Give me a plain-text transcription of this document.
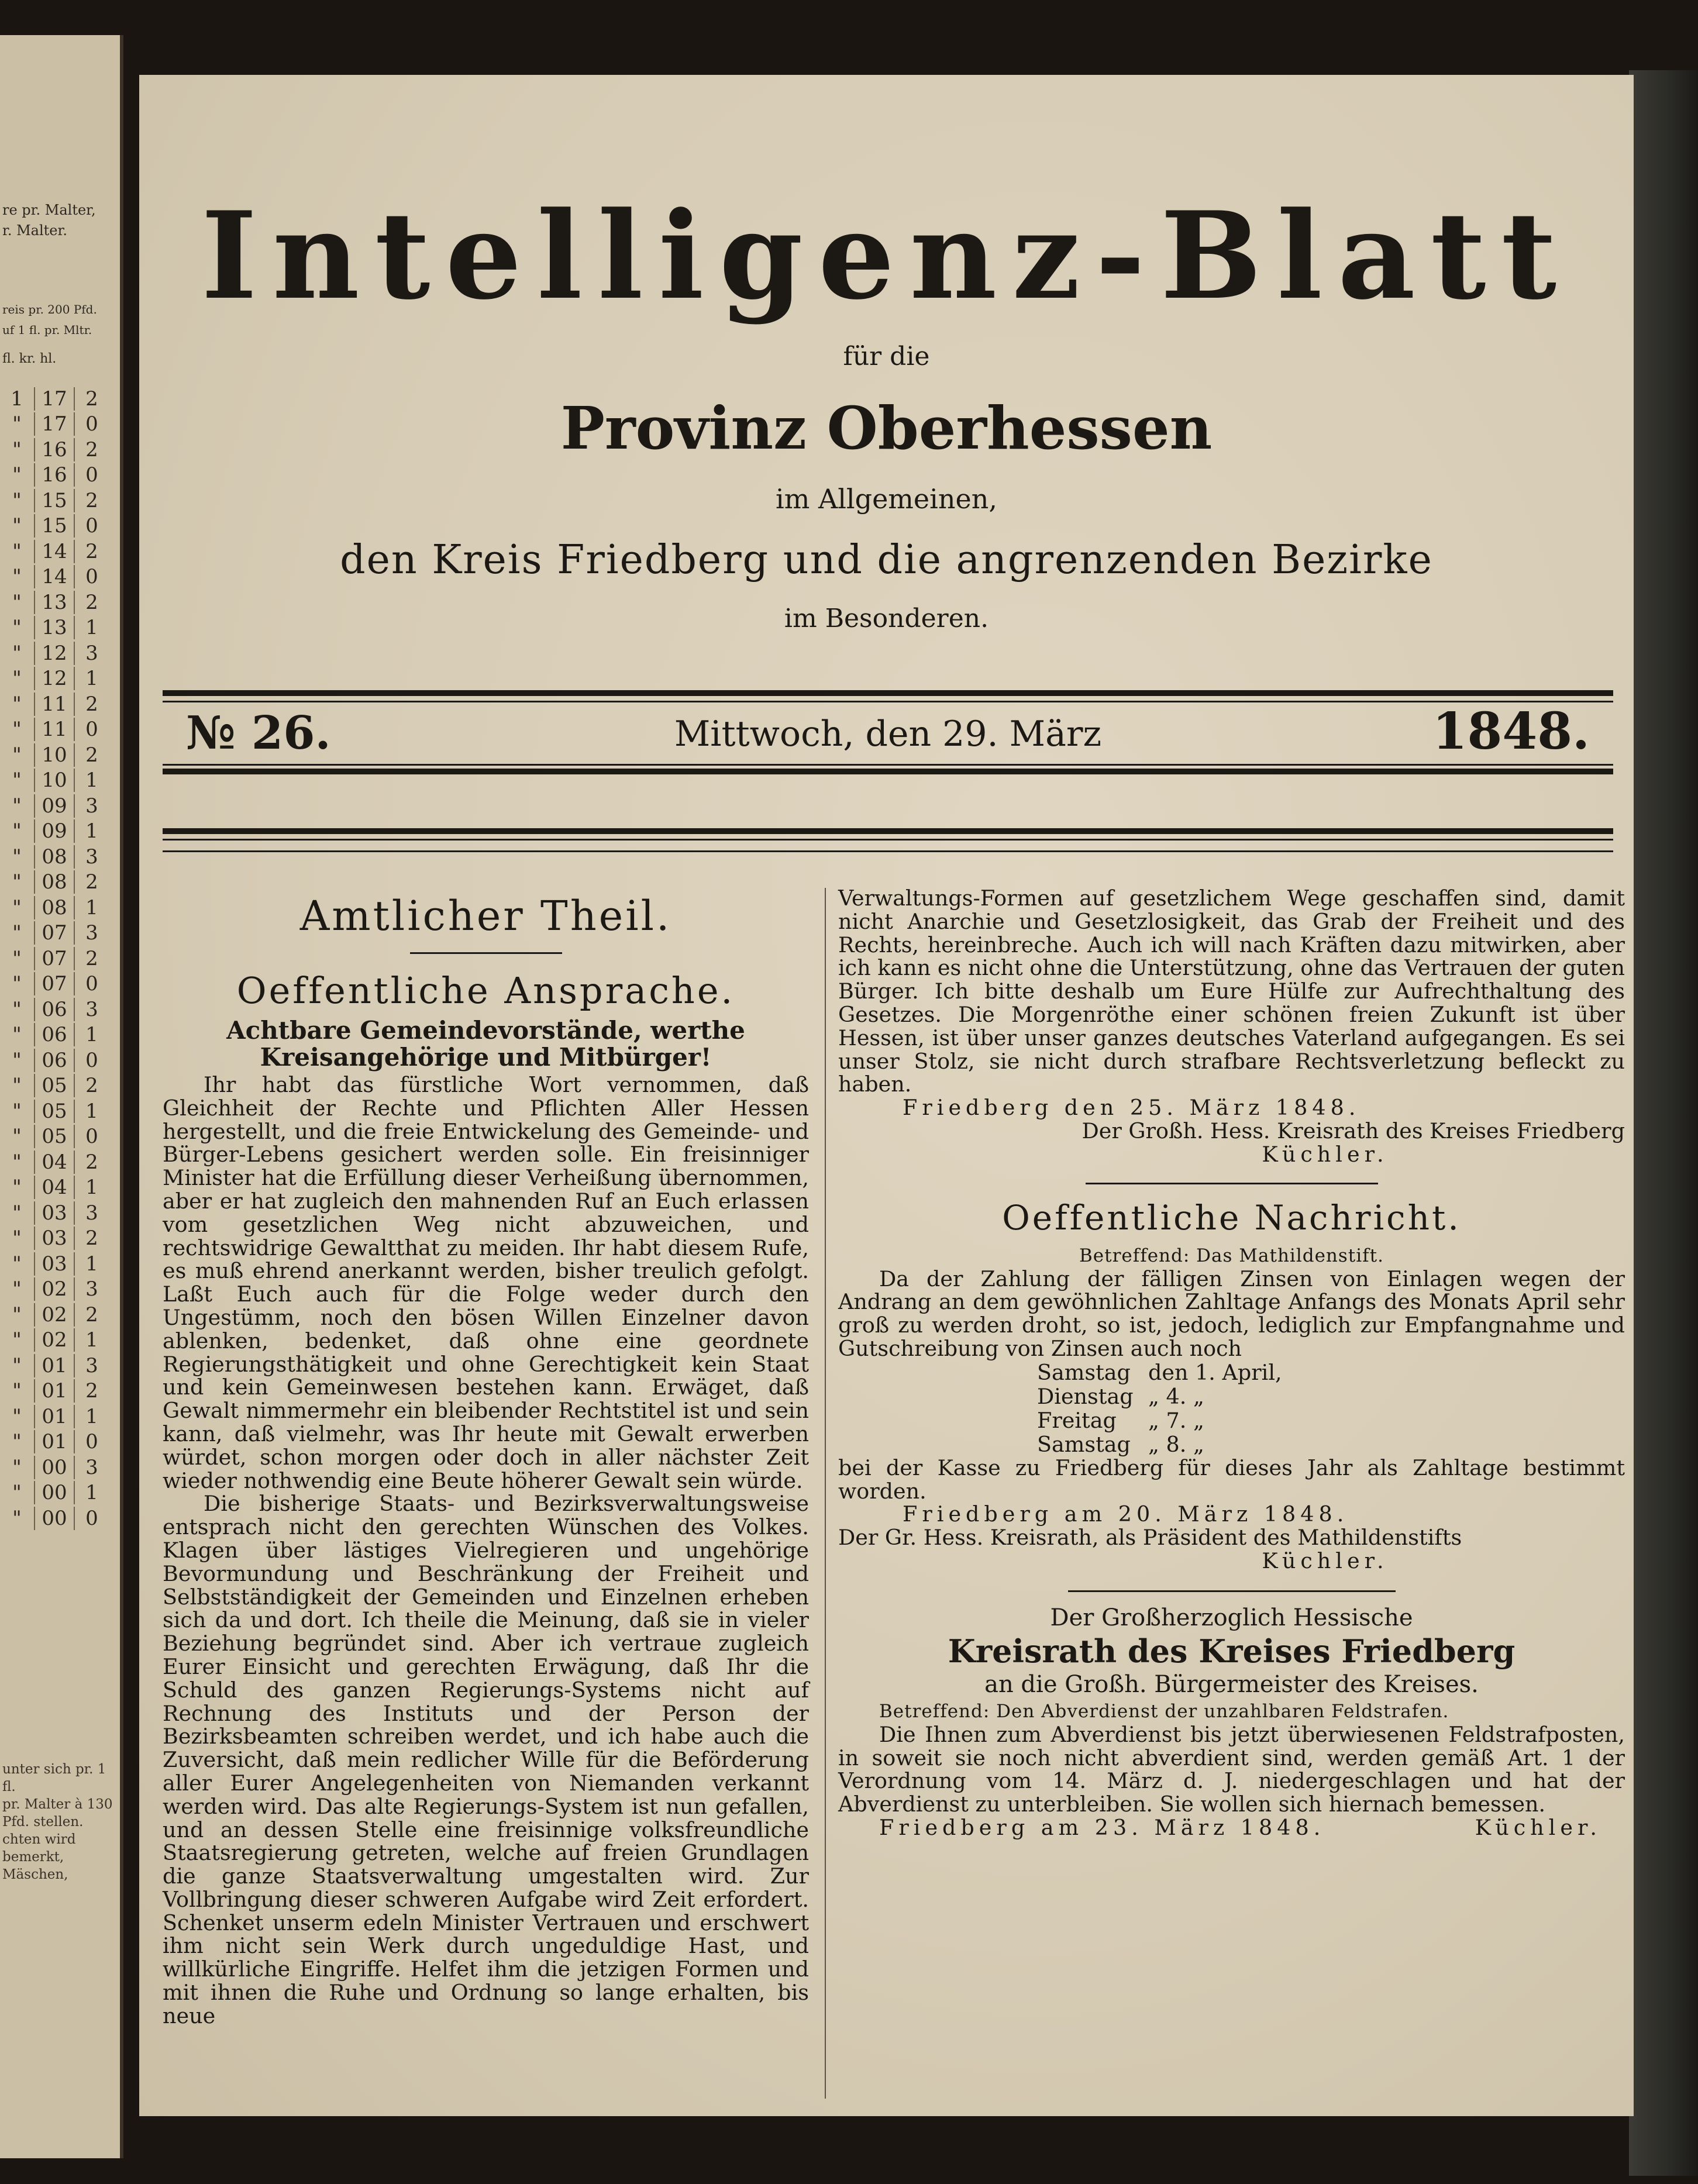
re pr. Malter,
r. Malter.
reis pr. 200 Pfd.
uf 1 fl. pr. Mltr.
fl. kr. hl.
1 17 2
"	17 0
"	16 2
"	16 0
"	15 2
"	15 0
"	14 2
"	14 0
"	13 2
"	13 1
"	12 3
"	12 1
"	11 2
"	11 0
"	10 2
"	10 1
"	09 3
"	09 1
"	08 3
"	08 2
"	08 1
"	07 3
"	07 2
"	07 0
"	06 3
"	06 1
"	06 0
"	05 2
"	05 1
"	05 0
"	04 2
"	04 1
"	03 3
"	03 2
"	03 1
"	02 3
"	02 2
"	02 1
"	01 3
"	01 2
"	01 1
"	01 0
"	00 3
"	00 1
"	00 0
unter sich pr. 1 fl.
pr. Malter à 130
Pfd. stellen.
chten wird bemerkt,
Mäschen,
Intelligenz-Blatt
für die
Provinz Oberhessen
im Allgemeinen,
den Kreis Friedberg und die angrenzenden Bezirke
im Besonderen.
№ 26.	Mittwoch, den 29. März	1848.

Amtlicher Theil.

Oeffentliche Ansprache.

Achtbare Gemeindevorstände, werthe Kreisangehörige und Mitbürger!

Ihr habt das fürstliche Wort vernommen, daß Gleichheit der Rechte und Pflichten Aller Hessen hergestellt, und die freie Entwickelung des Gemeinde- und Bürger-Lebens gesichert werden solle. Ein freisinniger Minister hat die Erfüllung dieser Verheißung übernommen, aber er hat zugleich den mahnenden Ruf an Euch erlassen vom gesetzlichen Weg nicht abzuweichen, und rechtswidrige Gewaltthat zu meiden. Ihr habt diesem Rufe, es muß ehrend anerkannt werden, bisher treulich gefolgt. Laßt Euch auch für die Folge weder durch den Ungestümm, noch den bösen Willen Einzelner davon ablenken, bedenket, daß ohne eine geordnete Regierungsthätigkeit und ohne Gerechtigkeit kein Staat und kein Gemeinwesen bestehen kann. Erwäget, daß Gewalt nimmermehr ein bleibender Rechtstitel ist und sein kann, daß vielmehr, was Ihr heute mit Gewalt erwerben würdet, schon morgen oder doch in aller nächster Zeit wieder nothwendig eine Beute höherer Gewalt sein würde.

Die bisherige Staats- und Bezirksverwaltungsweise entsprach nicht den gerechten Wünschen des Volkes. Klagen über lästiges Vielregieren und ungehörige Bevormundung und Beschränkung der Freiheit und Selbstständigkeit der Gemeinden und Einzelnen erheben sich da und dort. Ich theile die Meinung, daß sie in vieler Beziehung begründet sind. Aber ich vertraue zugleich Eurer Einsicht und gerechten Erwägung, daß Ihr die Schuld des ganzen Regierungs-Systems nicht auf Rechnung des Instituts und der Person der Bezirksbeamten schreiben werdet, und ich habe auch die Zuversicht, daß mein redlicher Wille für die Beförderung aller Eurer Angelegenheiten von Niemanden verkannt werden wird. Das alte Regierungs-System ist nun gefallen, und an dessen Stelle eine freisinnige volksfreundliche Staatsregierung getreten, welche auf freien Grundlagen die ganze Staatsverwaltung umgestalten wird. Zur Vollbringung dieser schweren Aufgabe wird Zeit erfordert. Schenket unserm edeln Minister Vertrauen und erschwert ihm nicht sein Werk durch ungeduldige Hast, und willkürliche Eingriffe. Helfet ihm die jetzigen Formen und mit ihnen die Ruhe und Ordnung so lange erhalten, bis neue

Verwaltungs-Formen auf gesetzlichem Wege geschaffen sind, damit nicht Anarchie und Gesetzlosigkeit, das Grab der Freiheit und des Rechts, hereinbreche. Auch ich will nach Kräften dazu mitwirken, aber ich kann es nicht ohne die Unterstützung, ohne das Vertrauen der guten Bürger. Ich bitte deshalb um Eure Hülfe zur Aufrechthaltung des Gesetzes. Die Morgenröthe einer schönen freien Zukunft ist über Hessen, ist über unser ganzes deutsches Vaterland aufgegangen. Es sei unser Stolz, sie nicht durch strafbare Rechtsverletzung befleckt zu haben.

Friedberg den 25. März 1848.

Der Großh. Hess. Kreisrath des Kreises Friedberg

Küchler.

Oeffentliche Nachricht.

Betreffend: Das Mathildenstift.

Da der Zahlung der fälligen Zinsen von Einlagen wegen der Andrang an dem gewöhnlichen Zahltage Anfangs des Monats April sehr groß zu werden droht, so ist, jedoch, lediglich zur Empfangnahme und Gutschreibung von Zinsen auch noch

Samstag den 1. April,
Dienstag „ 4. „
Freitag	„ 7. „
Samstag „ 8. „

bei der Kasse zu Friedberg für dieses Jahr als Zahltage bestimmt worden.

Friedberg am 20. März 1848.

Der Gr. Hess. Kreisrath, als Präsident des Mathildenstifts

Küchler.

Der Großherzoglich Hessische

Kreisrath des Kreises Friedberg

an die Großh. Bürgermeister des Kreises.

Betreffend: Den Abverdienst der unzahlbaren Feldstrafen.

Die Ihnen zum Abverdienst bis jetzt überwiesenen Feldstrafposten, in soweit sie noch nicht abverdient sind, werden gemäß Art. 1 der Verordnung vom 14. März d. J. niedergeschlagen und hat der Abverdienst zu unterbleiben. Sie wollen sich hiernach bemessen.

Friedberg am 23. März 1848.	Küchler.
